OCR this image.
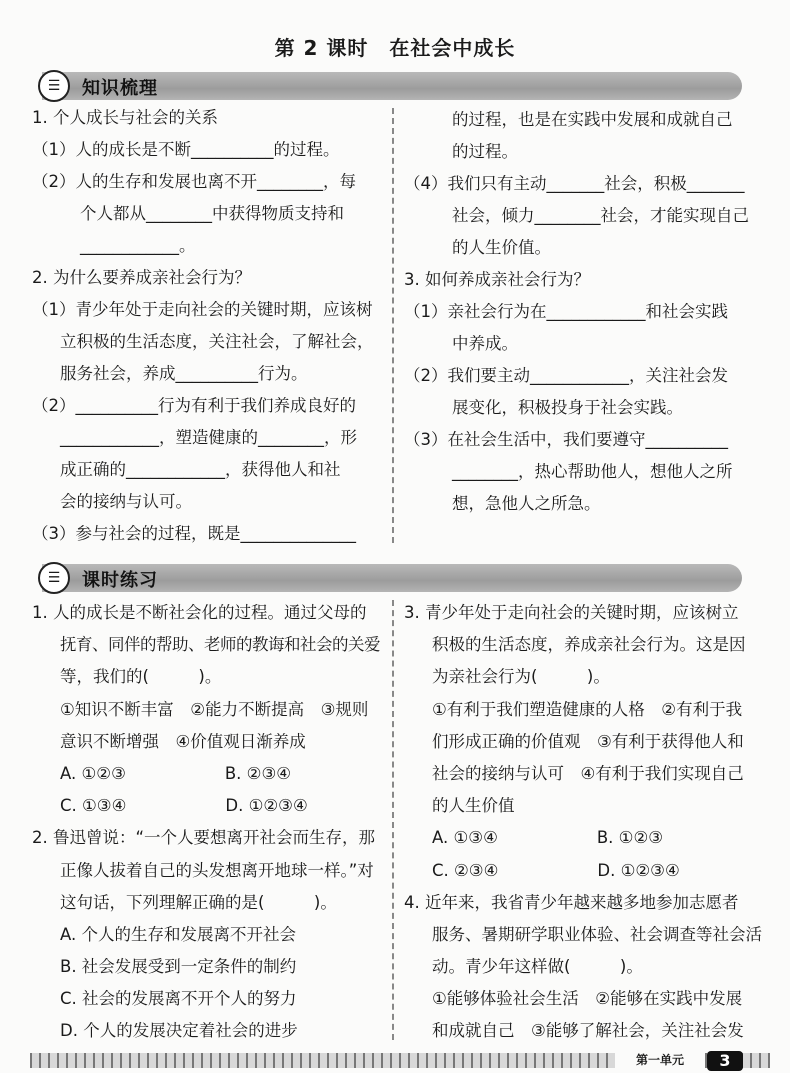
第 2 课时　在社会中成长
☰	知识梳理
☰	课时练习
1. 个人成长与社会的关系
（1）人的成长是不断__________的过程。
（2）人的生存和发展也离不开________，每
个人都从________中获得物质支持和
____________。
2. 为什么要养成亲社会行为？
（1）青少年处于走向社会的关键时期，应该树
立积极的生活态度，关注社会，了解社会，
服务社会，养成__________行为。
（2）__________行为有利于我们养成良好的
____________，塑造健康的________，形
成正确的____________，获得他人和社
会的接纳与认可。
（3）参与社会的过程，既是______________
的过程，也是在实践中发展和成就自己
的过程。
（4）我们只有主动_______社会，积极_______
社会，倾力________社会，才能实现自己
的人生价值。
3. 如何养成亲社会行为？
（1）亲社会行为在____________和社会实践
中养成。
（2）我们要主动____________，关注社会发
展变化，积极投身于社会实践。
（3）在社会生活中，我们要遵守__________
________，热心帮助他人，想他人之所
想，急他人之所急。
1. 人的成长是不断社会化的过程。通过父母的
抚育、同伴的帮助、老师的教诲和社会的关爱
等，我们的(　　　)。
①知识不断丰富　②能力不断提高　③规则
意识不断增强　④价值观日渐养成
A. ①②③　　　　　　B. ②③④
C. ①③④　　　　　　D. ①②③④
2. 鲁迅曾说：“一个人要想离开社会而生存，那
正像人拔着自己的头发想离开地球一样。”对
这句话，下列理解正确的是(　　　)。
A. 个人的生存和发展离不开社会
B. 社会发展受到一定条件的制约
C. 社会的发展离不开个人的努力
D. 个人的发展决定着社会的进步
3. 青少年处于走向社会的关键时期，应该树立
积极的生活态度，养成亲社会行为。这是因
为亲社会行为(　　　)。
①有利于我们塑造健康的人格　②有利于我
们形成正确的价值观　③有利于获得他人和
社会的接纳与认可　④有利于我们实现自己
的人生价值
A. ①③④　　　　　　B. ①②③
C. ②③④　　　　　　D. ①②③④
4. 近年来，我省青少年越来越多地参加志愿者
服务、暑期研学职业体验、社会调查等社会活
动。青少年这样做(　　　)。
①能够体验社会生活　②能够在实践中发展
和成就自己　③能够了解社会，关注社会发
第一单元	3
